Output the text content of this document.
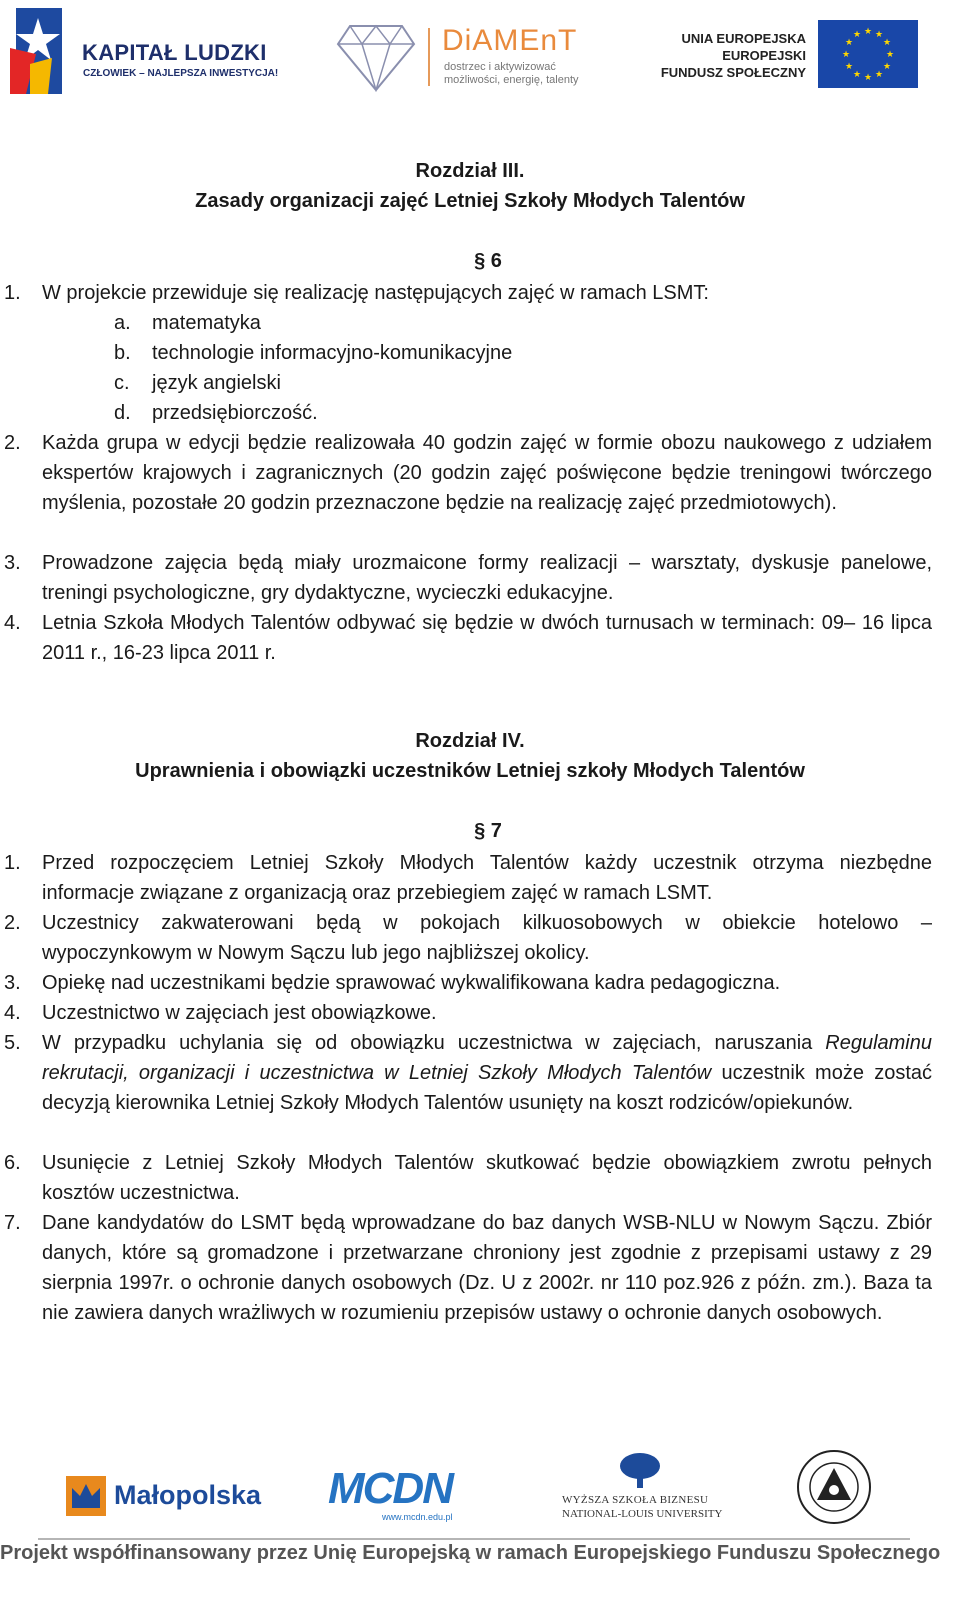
KAPITAŁ LUDZKI
CZŁOWIEK – NAJLEPSZA INWESTYCJA!
DiAMEnT
dostrzec i aktywizować
możliwości, energię, talenty
UNIA EUROPEJSKA
EUROPEJSKI
FUNDUSZ SPOŁECZNY
★ ★
★
★
★
★
★
★
★
★
★
★
Rozdział III.
Zasady organizacji zajęć Letniej Szkoły Młodych Talentów
§ 6
1. W projekcie przewiduje się realizację następujących zajęć w ramach LSMT:
a. matematyka
b. technologie informacyjno-komunikacyjne
c. język angielski
d. przedsiębiorczość.
2. Każda grupa w edycji będzie realizowała 40 godzin zajęć w formie obozu naukowego z udziałem ekspertów krajowych i zagranicznych (20 godzin zajęć poświęcone będzie treningowi twórczego myślenia, pozostałe 20 godzin przeznaczone będzie na realizację zajęć przedmiotowych).
3. Prowadzone zajęcia będą miały urozmaicone formy realizacji – warsztaty, dyskusje panelowe, treningi psychologiczne, gry dydaktyczne, wycieczki edukacyjne.
4. Letnia Szkoła Młodych Talentów odbywać się będzie w dwóch turnusach w terminach: 09– 16 lipca 2011 r., 16-23 lipca 2011 r.
Rozdział IV.
Uprawnienia i obowiązki uczestników Letniej szkoły Młodych Talentów
§ 7
1. Przed rozpoczęciem Letniej Szkoły Młodych Talentów każdy uczestnik otrzyma niezbędne informacje związane z organizacją oraz przebiegiem zajęć w ramach LSMT.
2. Uczestnicy zakwaterowani będą w pokojach kilkuosobowych w obiekcie hotelowo – wypoczynkowym w Nowym Sączu lub jego najbliższej okolicy.
3. Opiekę nad uczestnikami będzie sprawować wykwalifikowana kadra pedagogiczna.
4. Uczestnictwo w zajęciach jest obowiązkowe.
5. W przypadku uchylania się od obowiązku uczestnictwa w zajęciach, naruszania Regulaminu rekrutacji, organizacji i uczestnictwa w Letniej Szkoły Młodych Talentów uczestnik może zostać decyzją kierownika Letniej Szkoły Młodych Talentów usunięty na koszt rodziców/opiekunów.
6. Usunięcie z Letniej Szkoły Młodych Talentów skutkować będzie obowiązkiem zwrotu pełnych kosztów uczestnictwa.
7. Dane kandydatów do LSMT będą wprowadzane do baz danych WSB-NLU w Nowym Sączu. Zbiór danych, które są gromadzone i przetwarzane chroniony jest zgodnie z przepisami ustawy z 29 sierpnia 1997r. o ochronie danych osobowych (Dz. U z 2002r. nr 110 poz.926 z późn. zm.). Baza ta nie zawiera danych wrażliwych w rozumieniu przepisów ustawy o ochronie danych osobowych.
Małopolska MCDN
www.mcdn.edu.pl
WYŻSZA SZKOŁA BIZNESU
NATIONAL-LOUIS UNIVERSITY
Projekt współfinansowany przez Unię Europejską w ramach Europejskiego Funduszu Społecznego
